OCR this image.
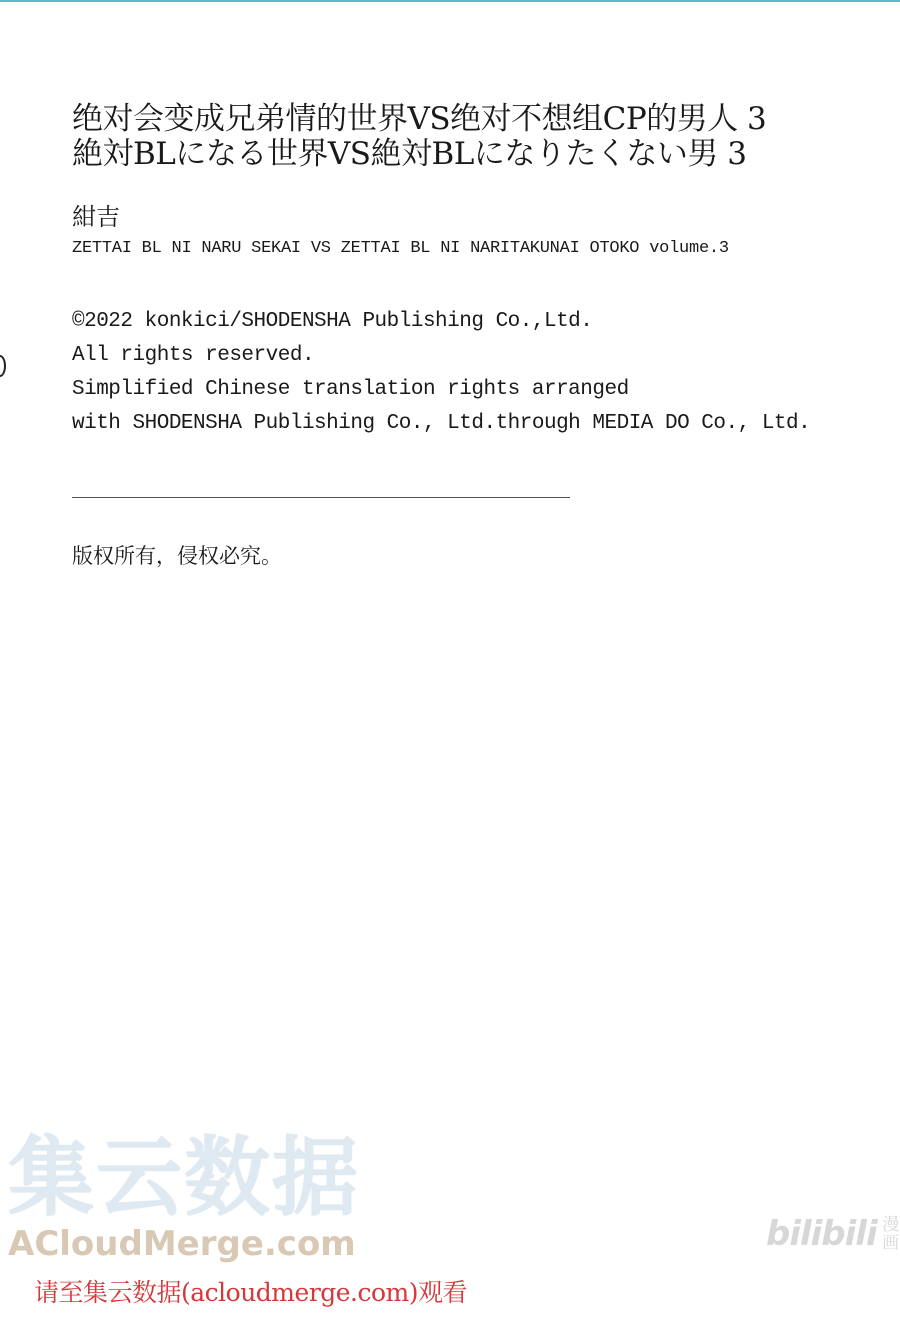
绝对会变成兄弟情的世界VS绝对不想组CP的男人 3
絶対BLになる世界VS絶対BLになりたくない男 3
紺吉
ZETTAI BL NI NARU SEKAI VS ZETTAI BL NI NARITAKUNAI OTOKO volume.3
©2022 konkici/SHODENSHA Publishing Co.,Ltd.
All rights reserved.
Simplified Chinese translation rights arranged
with SHODENSHA Publishing Co., Ltd.through MEDIA DO Co., Ltd.
版权所有，侵权必究。
集云数据
ACloudMerge.com
请至集云数据(acloudmerge.com)观看
bilibili 漫画
